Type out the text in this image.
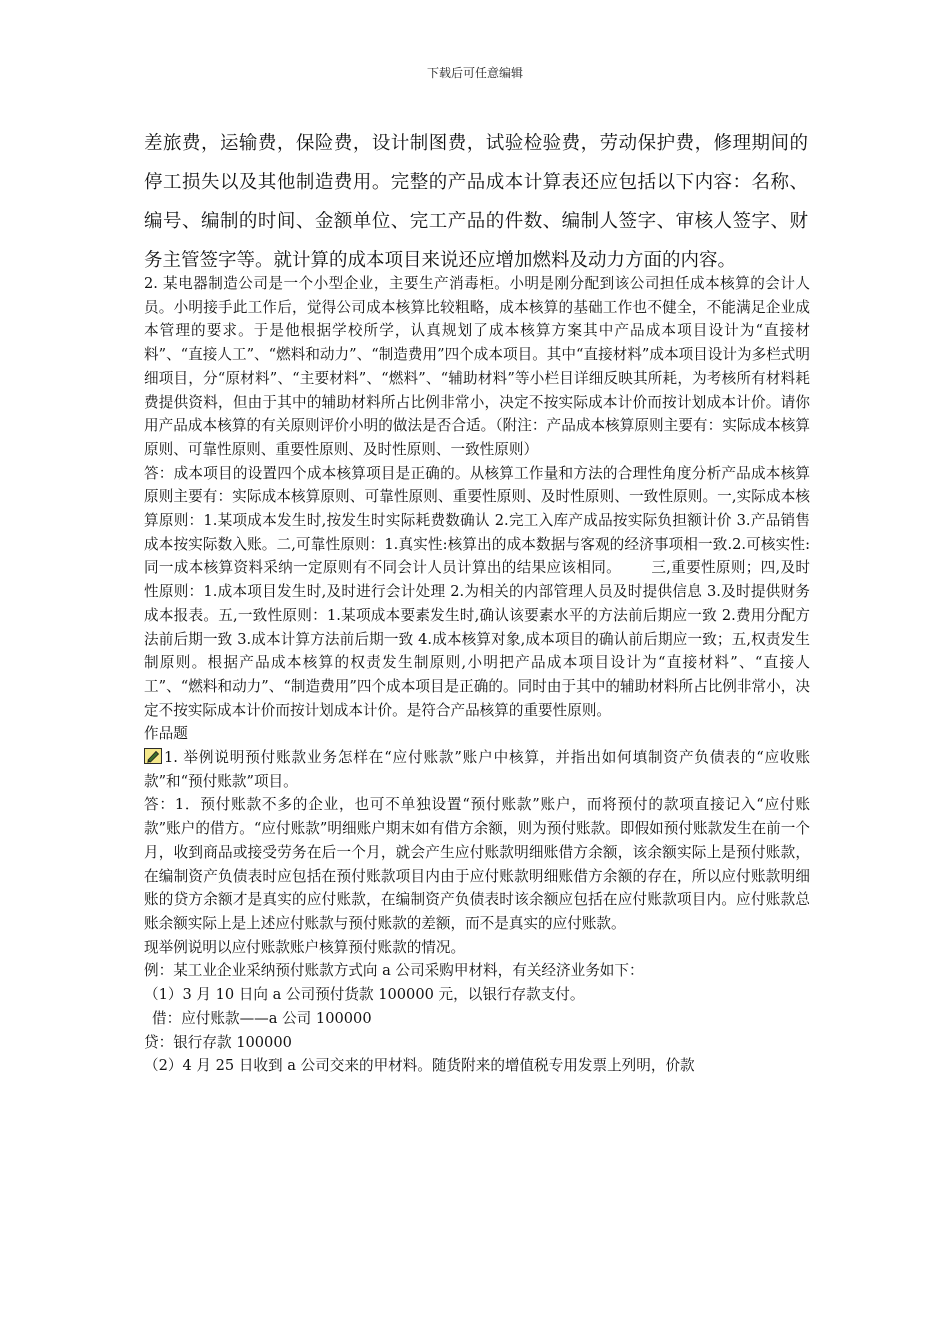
下载后可任意编辑
差旅费，运输费，保险费，设计制图费，试验检验费，劳动保护费，修理期间的停工损失以及其他制造费用。完整的产品成本计算表还应包括以下内容：名称、编号、编制的时间、金额单位、完工产品的件数、编制人签字、审核人签字、财务主管签字等。就计算的成本项目来说还应增加燃料及动力方面的内容。

2. 某电器制造公司是一个小型企业，主要生产消毒柜。小明是刚分配到该公司担任成本核算的会计人员。小明接手此工作后，觉得公司成本核算比较粗略，成本核算的基础工作也不健全，不能满足企业成本管理的要求。于是他根据学校所学，认真规划了成本核算方案其中产品成本项目设计为“直接材料”、“直接人工”、“燃料和动力”、“制造费用”四个成本项目。其中“直接材料”成本项目设计为多栏式明细项目，分“原材料”、“主要材料”、“燃料”、“辅助材料”等小栏目详细反映其所耗，为考核所有材料耗费提供资料，但由于其中的辅助材料所占比例非常小，决定不按实际成本计价而按计划成本计价。请你用产品成本核算的有关原则评价小明的做法是否合适。（附注：产品成本核算原则主要有：实际成本核算原则、可靠性原则、重要性原则、及时性原则、一致性原则）

答：成本项目的设置四个成本核算项目是正确的。从核算工作量和方法的合理性角度分析产品成本核算原则主要有：实际成本核算原则、可靠性原则、重要性原则、及时性原则、一致性原则。一,实际成本核算原则：1.某项成本发生时,按发生时实际耗费数确认 2.完工入库产成品按实际负担额计价 3.产品销售成本按实际数入账。二,可靠性原则：1.真实性:核算出的成本数据与客观的经济事项相一致.2.可核实性:同一成本核算资料采纳一定原则有不同会计人员计算出的结果应该相同。 三,重要性原则；四,及时性原则：1.成本项目发生时,及时进行会计处理 2.为相关的内部管理人员及时提供信息 3.及时提供财务成本报表。五,一致性原则：1.某项成本要素发生时,确认该要素水平的方法前后期应一致 2.费用分配方法前后期一致 3.成本计算方法前后期一致 4.成本核算对象,成本项目的确认前后期应一致；五,权责发生制原则。根据产品成本核算的权责发生制原则,小明把产品成本项目设计为“直接材料”、“直接人工”、“燃料和动力”、“制造费用”四个成本项目是正确的。同时由于其中的辅助材料所占比例非常小，决定不按实际成本计价而按计划成本计价。是符合产品核算的重要性原则。

作品题

1. 举例说明预付账款业务怎样在“应付账款”账户中核算，并指出如何填制资产负债表的“应收账款”和“预付账款”项目。

答：1．预付账款不多的企业，也可不单独设置“预付账款”账户，而将预付的款项直接记入“应付账款”账户的借方。“应付账款”明细账户期末如有借方余额，则为预付账款。即假如预付账款发生在前一个月，收到商品或接受劳务在后一个月，就会产生应付账款明细账借方余额，该余额实际上是预付账款，在编制资产负债表时应包括在预付账款项目内由于应付账款明细账借方余额的存在，所以应付账款明细账的贷方余额才是真实的应付账款，在编制资产负债表时该余额应包括在应付账款项目内。应付账款总账余额实际上是上述应付账款与预付账款的差额，而不是真实的应付账款。

现举例说明以应付账款账户核算预付账款的情况。

例：某工业企业采纳预付账款方式向 a 公司采购甲材料，有关经济业务如下：

（1）3 月 10 日向 a 公司预付货款 100000 元，以银行存款支付。

借：应付账款——a 公司 100000

贷：银行存款 100000

（2）4 月 25 日收到 a 公司交来的甲材料。随货附来的增值税专用发票上列明，价款
